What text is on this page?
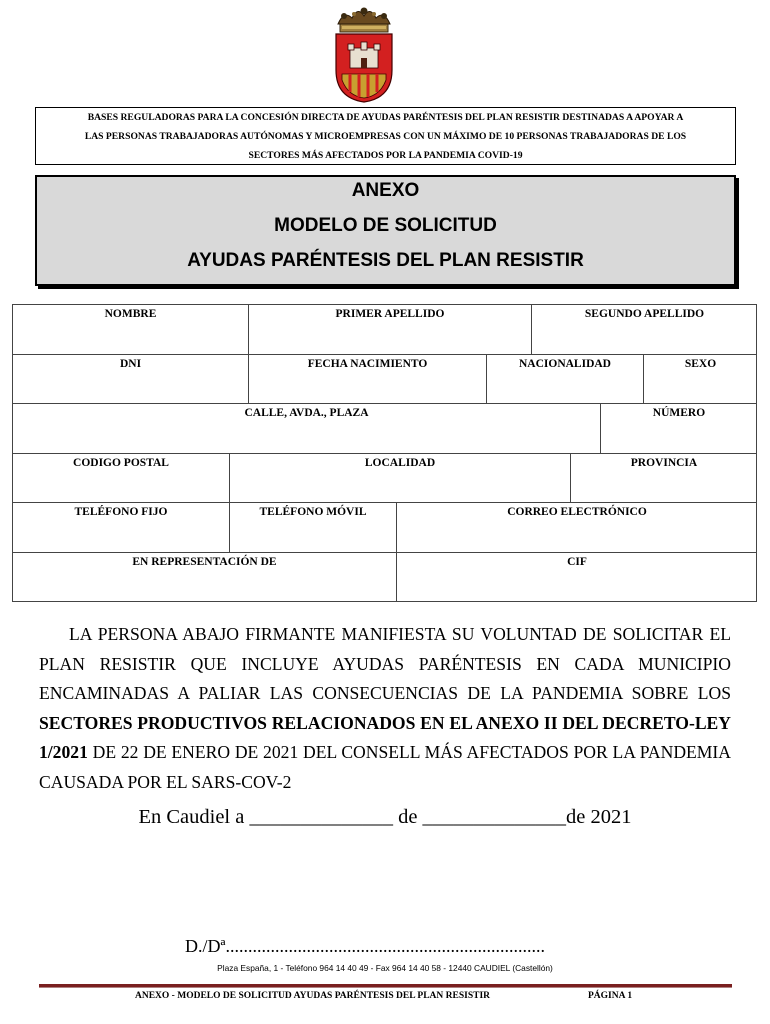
BASES REGULADORAS PARA LA CONCESIÓN DIRECTA DE AYUDAS PARÉNTESIS DEL PLAN RESISTIR DESTINADAS A APOYAR A
LAS PERSONAS TRABAJADORAS AUTÓNOMAS Y MICROEMPRESAS CON UN MÁXIMO DE 10 PERSONAS TRABAJADORAS DE LOS
SECTORES MÁS AFECTADOS POR LA PANDEMIA COVID-19
ANEXO
MODELO DE SOLICITUD
AYUDAS PARÉNTESIS DEL PLAN RESISTIR
NOMBRE	PRIMER APELLIDO	SEGUNDO APELLIDO
DNI	FECHA NACIMIENTO	NACIONALIDAD	SEXO
CALLE, AVDA., PLAZA	NÚMERO
CODIGO POSTAL	LOCALIDAD	PROVINCIA
TELÉFONO FIJO	TELÉFONO MÓVIL	CORREO ELECTRÓNICO
EN REPRESENTACIÓN DE	CIF
LA PERSONA ABAJO FIRMANTE MANIFIESTA SU VOLUNTAD DE SOLICITAR EL PLAN RESISTIR QUE INCLUYE AYUDAS PARÉNTESIS EN CADA MUNICIPIO ENCAMINADAS A PALIAR LAS CONSECUENCIAS DE LA PANDEMIA SOBRE LOS SECTORES PRODUCTIVOS RELACIONADOS EN EL ANEXO II DEL DECRETO-LEY 1/2021 DE 22 DE ENERO DE 2021 DEL CONSELL MÁS AFECTADOS POR LA PANDEMIA CAUSADA POR EL SARS-COV-2
En Caudiel a ______________ de ______________de 2021
D./Dª.......................................................................
Plaza España, 1 - Teléfono 964 14 40 49 - Fax 964 14 40 58 - 12440 CAUDIEL (Castellón)
ANEXO - MODELO DE SOLICITUD AYUDAS PARÉNTESIS DEL PLAN RESISTIR	PÁGINA 1
